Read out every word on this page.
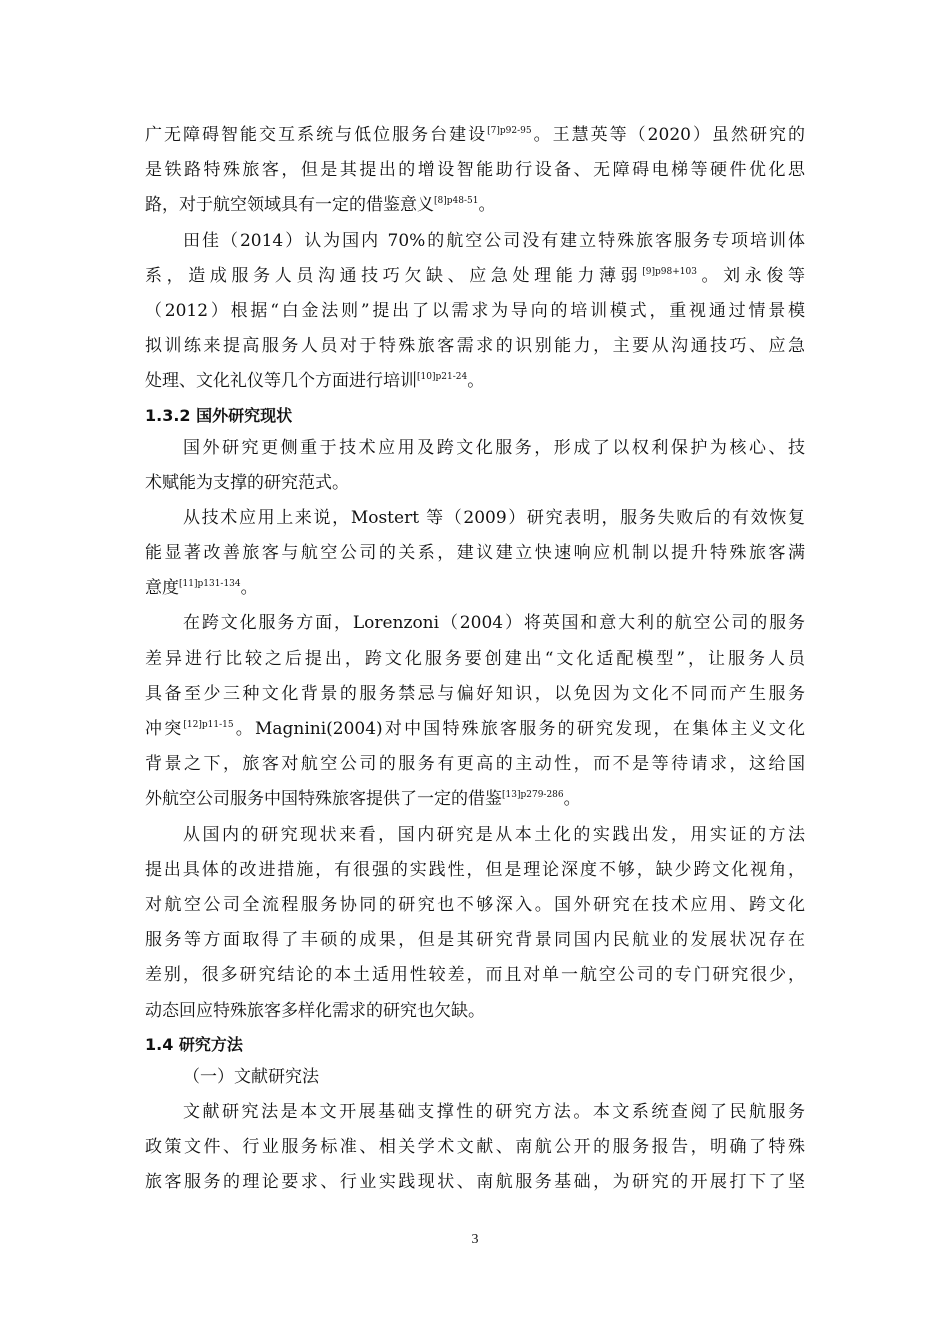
广无障碍智能交互系统与低位服务台建设$^{[7]p92-95}$。王慧英等（2020）虽然研究的
是铁路特殊旅客，但是其提出的增设智能助行设备、无障碍电梯等硬件优化思
路，对于航空领域具有一定的借鉴意义$^{[8]p48-51}$。
田佳（2014）认为国内 70%的航空公司没有建立特殊旅客服务专项培训体
系，造成服务人员沟通技巧欠缺、应急处理能力薄弱$^{[9]p98+103}$。刘永俊等
（2012）根据“白金法则”提出了以需求为导向的培训模式，重视通过情景模
拟训练来提高服务人员对于特殊旅客需求的识别能力，主要从沟通技巧、应急
处理、文化礼仪等几个方面进行培训$^{[10]p21-24}$。
1.3.2 国外研究现状
国外研究更侧重于技术应用及跨文化服务，形成了以权利保护为核心、技
术赋能为支撑的研究范式。
从技术应用上来说，Mostert 等（2009）研究表明，服务失败后的有效恢复
能显著改善旅客与航空公司的关系，建议建立快速响应机制以提升特殊旅客满
意度$^{[11]p131-134}$。
在跨文化服务方面，Lorenzoni（2004）将英国和意大利的航空公司的服务
差异进行比较之后提出，跨文化服务要创建出“文化适配模型”，让服务人员
具备至少三种文化背景的服务禁忌与偏好知识，以免因为文化不同而产生服务
冲突$^{[12]p11-15}$。Magnini(2004)对中国特殊旅客服务的研究发现，在集体主义文化
背景之下，旅客对航空公司的服务有更高的主动性，而不是等待请求，这给国
外航空公司服务中国特殊旅客提供了一定的借鉴$^{[13]p279-286}$。
从国内的研究现状来看，国内研究是从本土化的实践出发，用实证的方法
提出具体的改进措施，有很强的实践性，但是理论深度不够，缺少跨文化视角，
对航空公司全流程服务协同的研究也不够深入。国外研究在技术应用、跨文化
服务等方面取得了丰硕的成果，但是其研究背景同国内民航业的发展状况存在
差别，很多研究结论的本土适用性较差，而且对单一航空公司的专门研究很少，
动态回应特殊旅客多样化需求的研究也欠缺。
1.4 研究方法
（一）文献研究法
文献研究法是本文开展基础支撑性的研究方法。本文系统查阅了民航服务
政策文件、行业服务标准、相关学术文献、南航公开的服务报告，明确了特殊
旅客服务的理论要求、行业实践现状、南航服务基础，为研究的开展打下了坚
3
